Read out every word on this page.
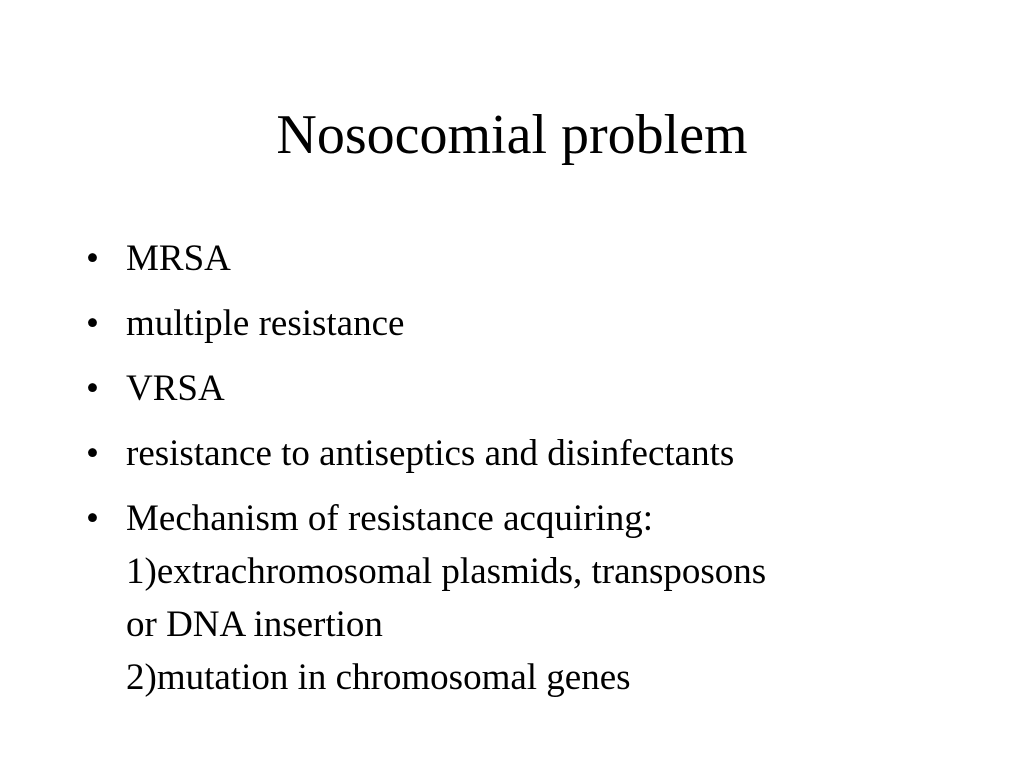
Nosocomial problem
• MRSA
• multiple resistance
• VRSA
• resistance to antiseptics and disinfectants
• Mechanism of resistance acquiring:
1)extrachromosomal plasmids, transposons
or DNA insertion
2)mutation in chromosomal genes
